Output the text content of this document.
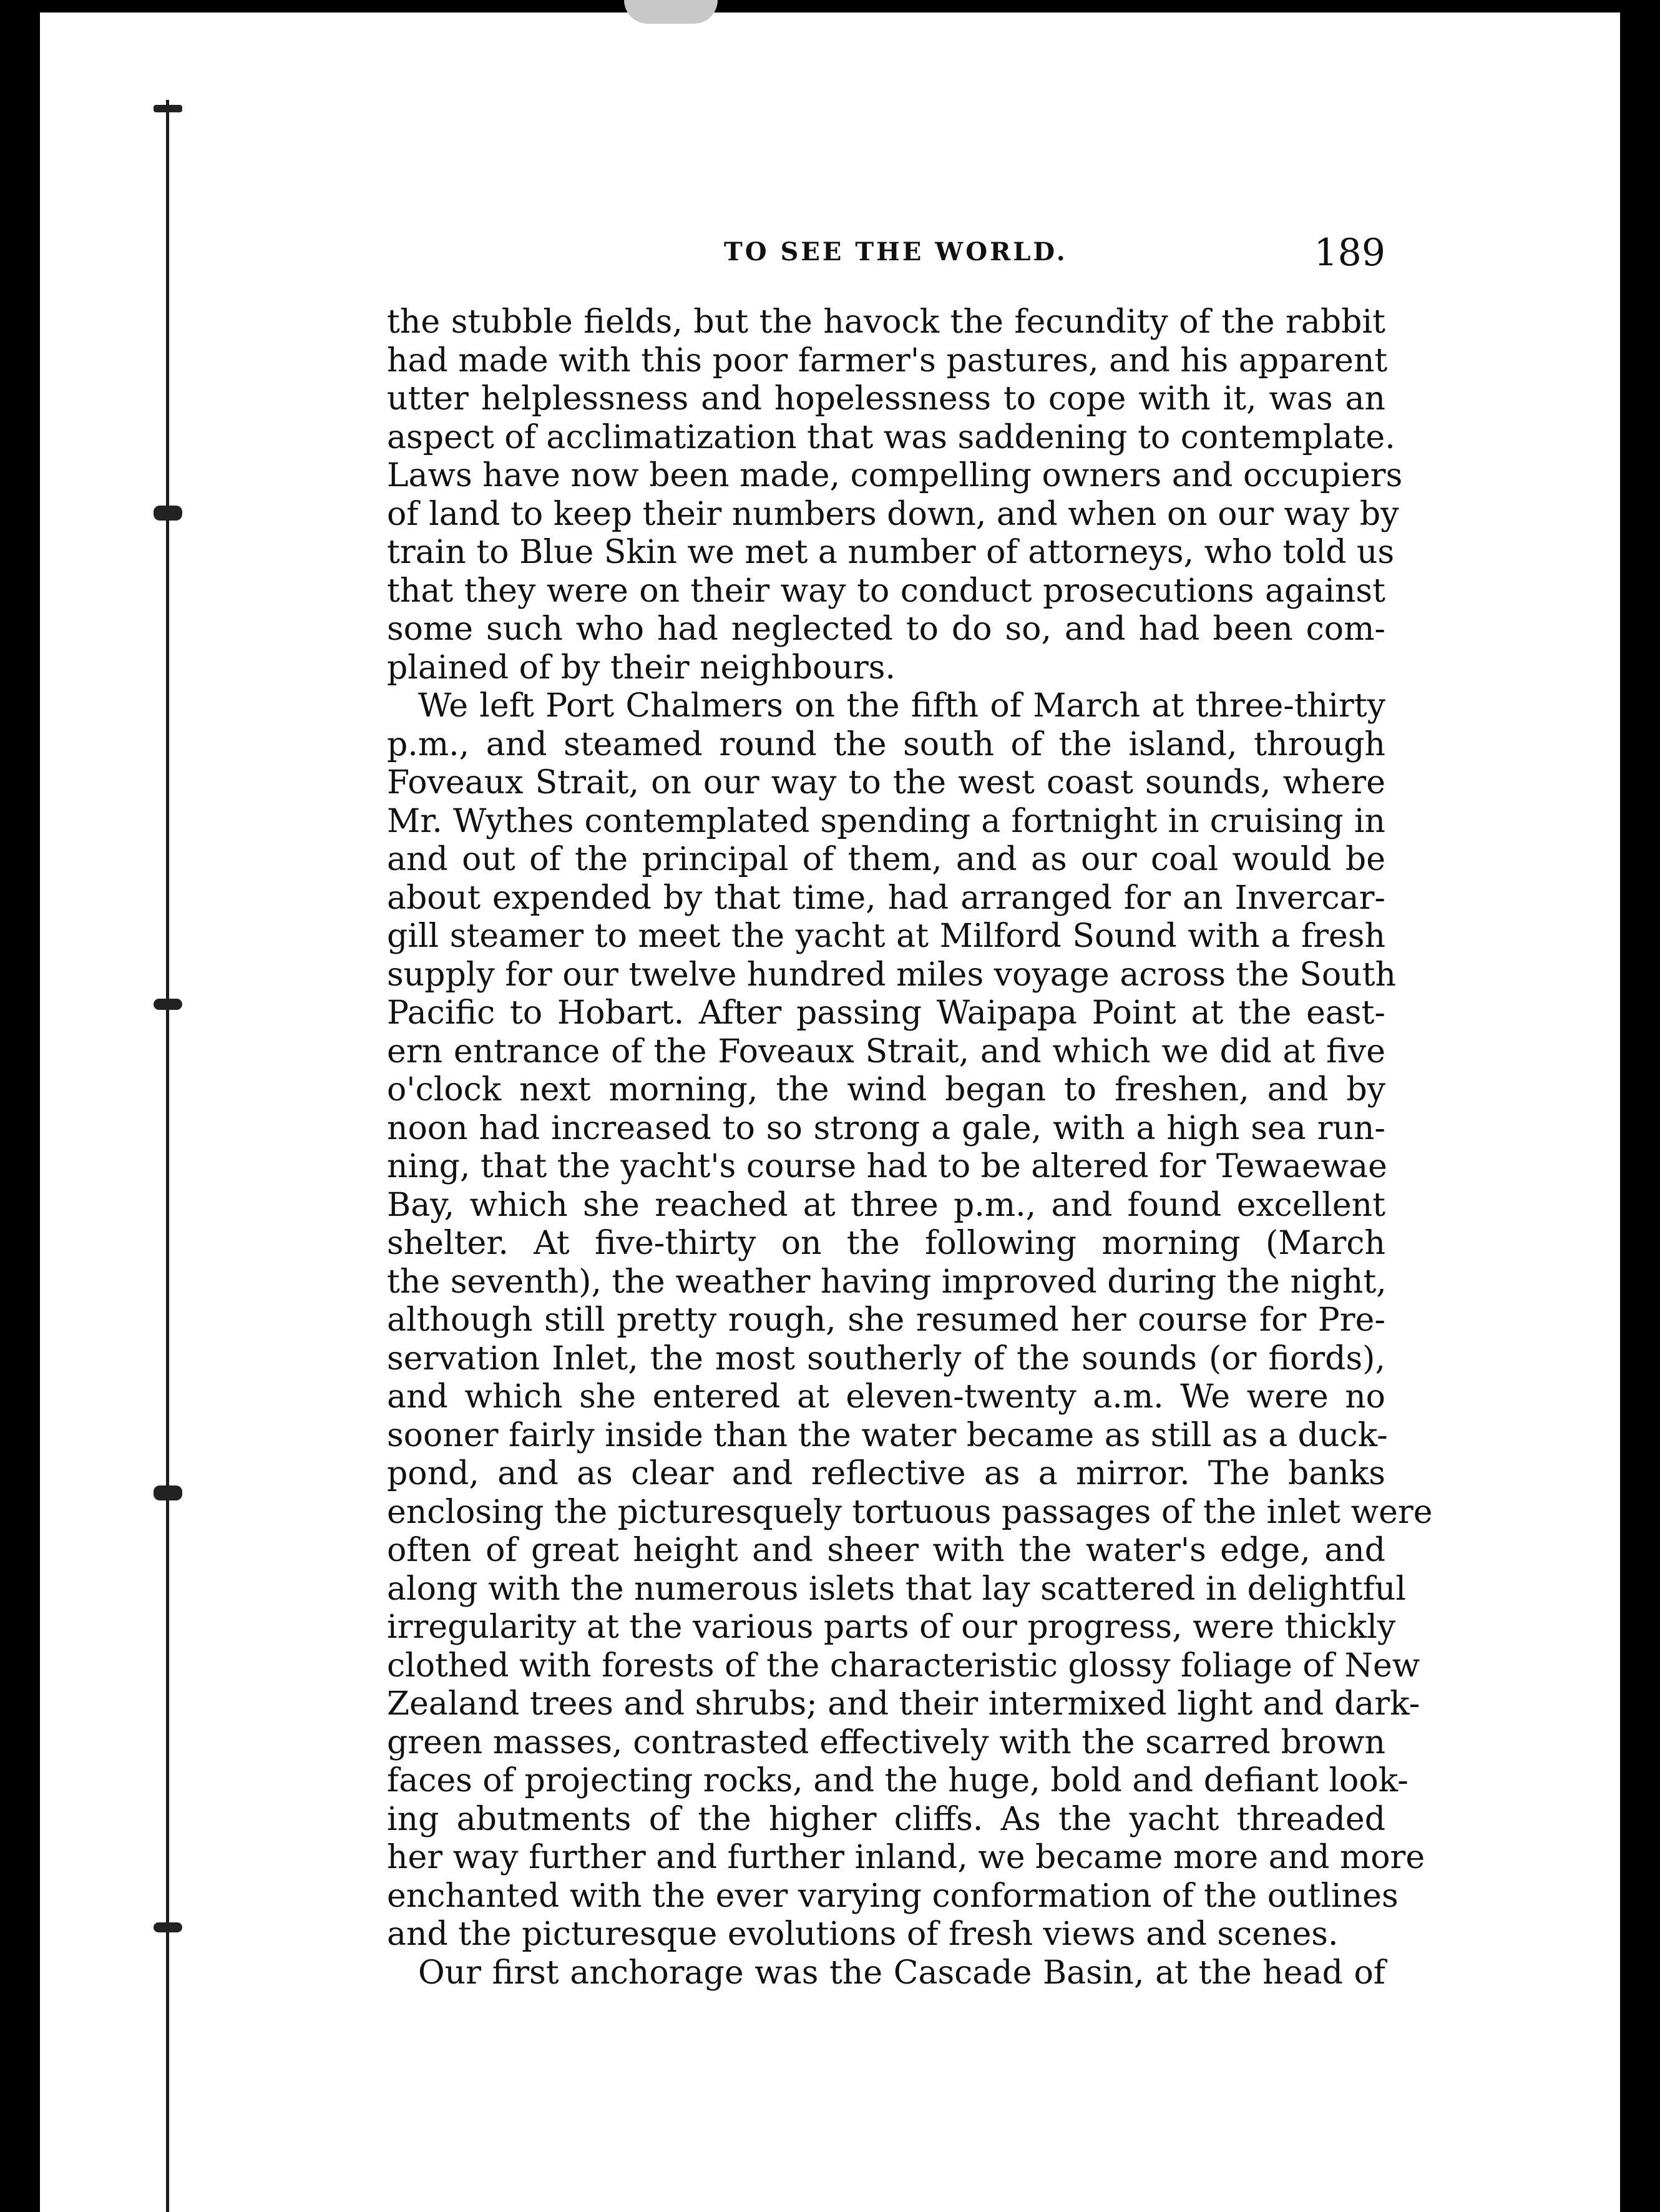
TO SEE THE WORLD.	189
the stubble fields, but the havock the fecundity of the rabbit
had made with this poor farmer's pastures, and his apparent
utter helplessness and hopelessness to cope with it, was an
aspect of acclimatization that was saddening to contemplate.
Laws have now been made, compelling owners and occupiers
of land to keep their numbers down, and when on our way by
train to Blue Skin we met a number of attorneys, who told us
that they were on their way to conduct prosecutions against
some such who had neglected to do so, and had been com-
plained of by their neighbours.
We left Port Chalmers on the fifth of March at three-thirty
p.m., and steamed round the south of the island, through
Foveaux Strait, on our way to the west coast sounds, where
Mr. Wythes contemplated spending a fortnight in cruising in
and out of the principal of them, and as our coal would be
about expended by that time, had arranged for an Invercar-
gill steamer to meet the yacht at Milford Sound with a fresh
supply for our twelve hundred miles voyage across the South
Pacific to Hobart. After passing Waipapa Point at the east-
ern entrance of the Foveaux Strait, and which we did at five
o'clock next morning, the wind began to freshen, and by
noon had increased to so strong a gale, with a high sea run-
ning, that the yacht's course had to be altered for Tewaewae
Bay, which she reached at three p.m., and found excellent
shelter. At five-thirty on the following morning (March
the seventh), the weather having improved during the night,
although still pretty rough, she resumed her course for Pre-
servation Inlet, the most southerly of the sounds (or fiords),
and which she entered at eleven-twenty a.m. We were no
sooner fairly inside than the water became as still as a duck-
pond, and as clear and reflective as a mirror. The banks
enclosing the picturesquely tortuous passages of the inlet were
often of great height and sheer with the water's edge, and
along with the numerous islets that lay scattered in delightful
irregularity at the various parts of our progress, were thickly
clothed with forests of the characteristic glossy foliage of New
Zealand trees and shrubs; and their intermixed light and dark-
green masses, contrasted effectively with the scarred brown
faces of projecting rocks, and the huge, bold and defiant look-
ing abutments of the higher cliffs. As the yacht threaded
her way further and further inland, we became more and more
enchanted with the ever varying conformation of the outlines
and the picturesque evolutions of fresh views and scenes.
Our first anchorage was the Cascade Basin, at the head of
